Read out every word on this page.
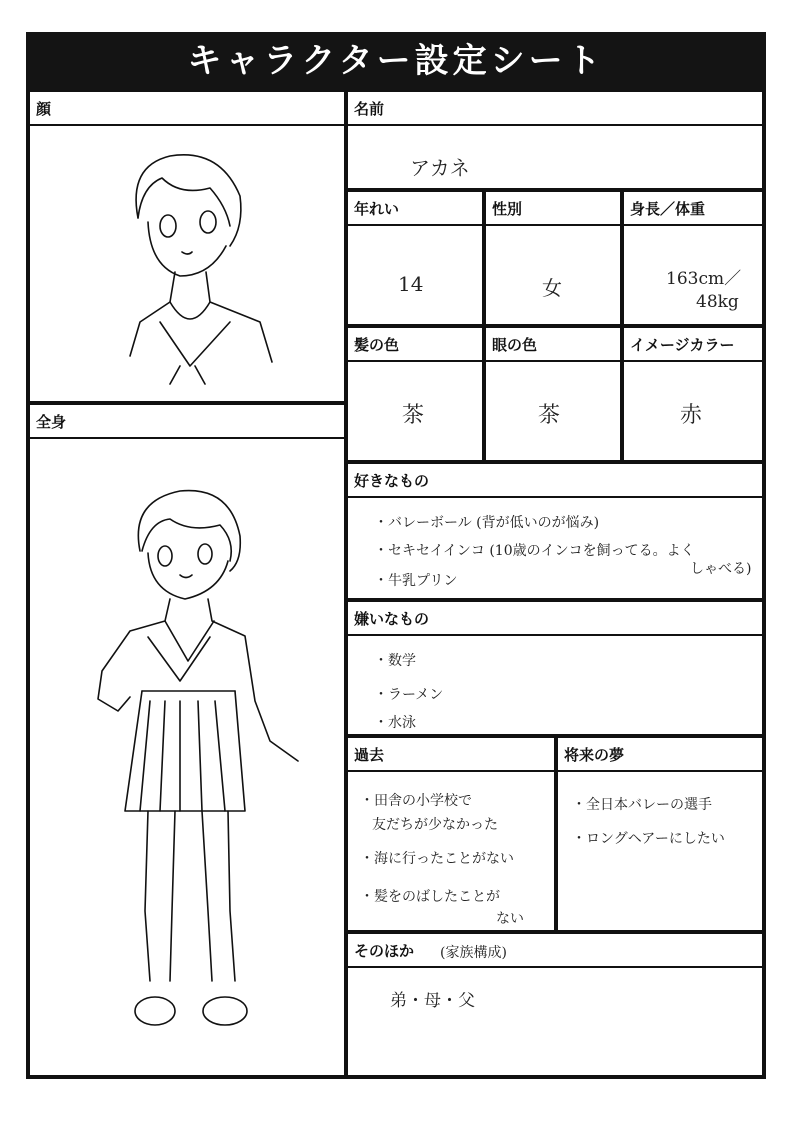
キャラクター設定シート
顔
全身
名前
アカネ
年れい
14
性別
女
身長／体重
163cm／
48kg
髪の色
茶
眼の色
茶
イメージカラー
赤
好きなもの
・バレーボール (背が低いのが悩み)
・セキセイインコ (10歳のインコを飼ってる。よく
しゃべる)
・牛乳プリン
嫌いなもの
・数学
・ラーメン
・水泳
過去
・田舎の小学校で
友だちが少なかった
・海に行ったことがない
・髪をのばしたことが
ない
将来の夢
・全日本バレーの選手
・ロングヘアーにしたい
そのほか (家族構成)
弟・母・父
